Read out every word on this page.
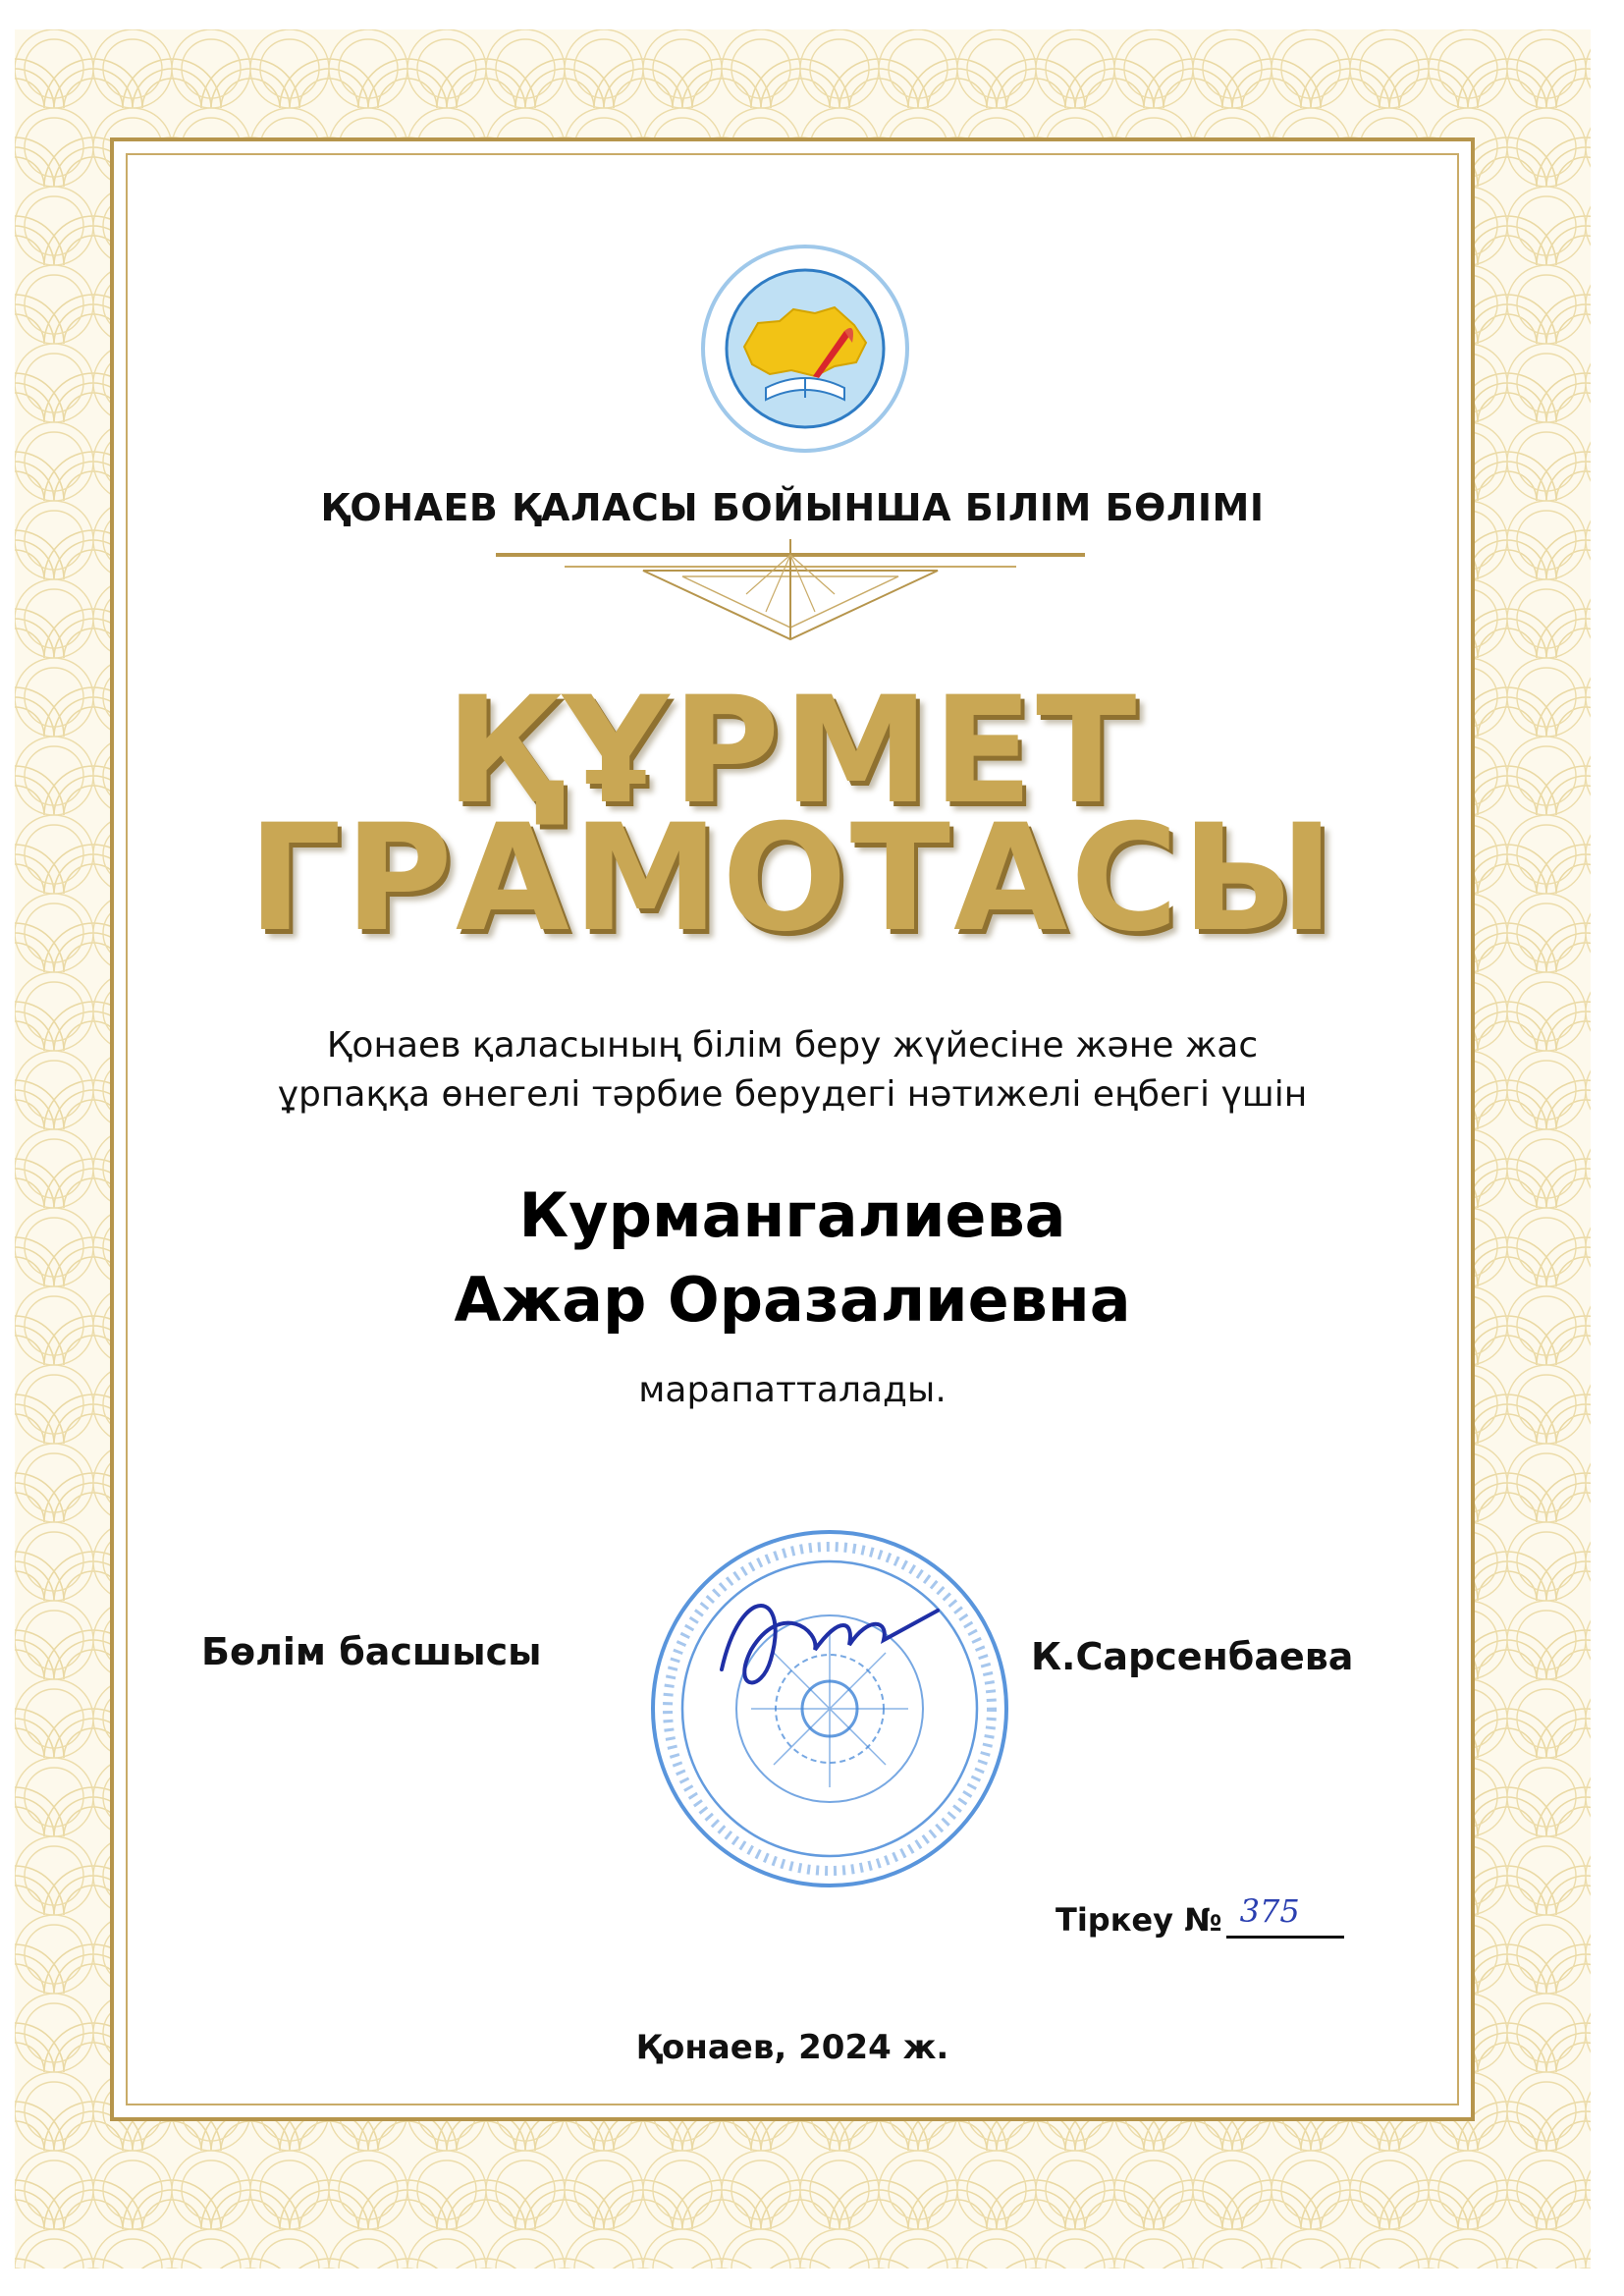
ҚОНАЕВ ҚАЛАСЫ БОЙЫНША БІЛІМ БӨЛІМІ
ҚҰРМЕТ
ГРАМОТАСЫ
Қонаев қаласының білім беру жүйесіне және жас
ұрпаққа өнегелі тәрбие берудегі нәтижелі еңбегі үшін
Курмангалиева
Ажар Оразалиевна
марапатталады.
Бөлім басшысы	К.Сарсенбаева
Тіркеу № 375
Қонаев, 2024 ж.
